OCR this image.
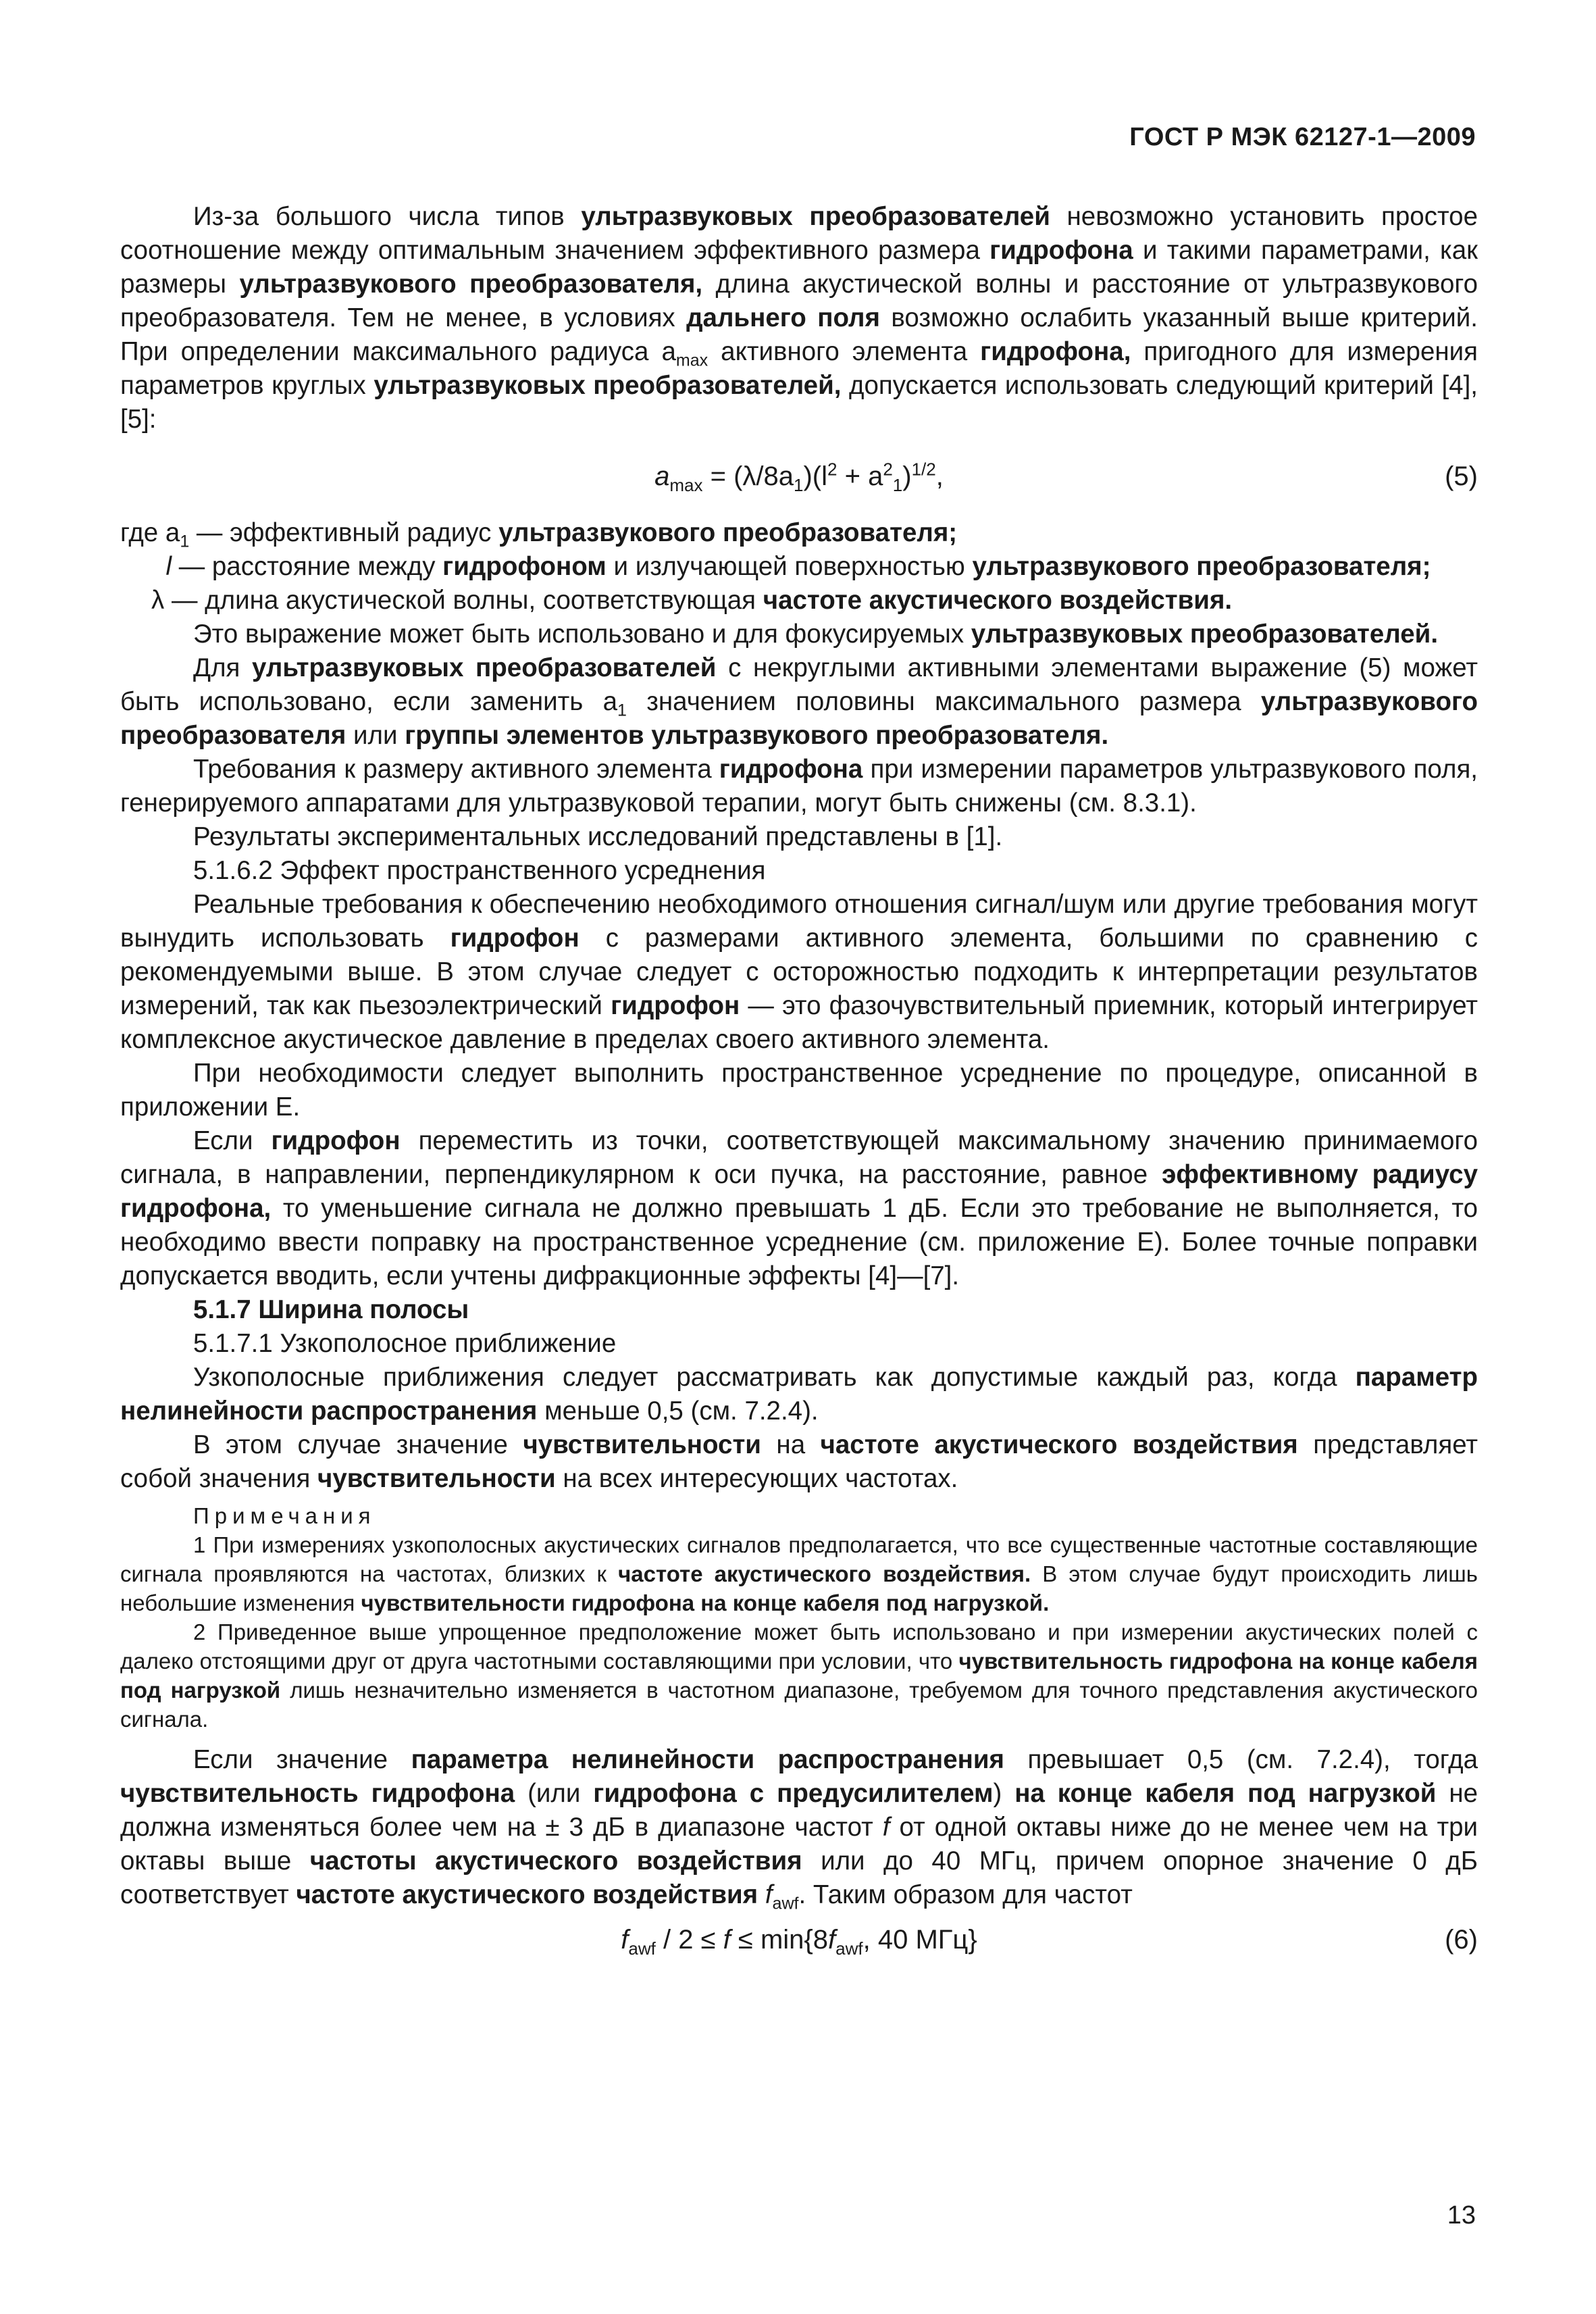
ГОСТ Р МЭК 62127-1—2009

Из-за большого числа типов ультразвуковых преобразователей невозможно установить простое соотношение между оптимальным значением эффективного размера гидрофона и такими параметрами, как размеры ультразвукового преобразователя, длина акустической волны и расстояние от ультразвукового преобразователя. Тем не менее, в условиях дальнего поля возможно ослабить указанный выше критерий. При определении максимального радиуса $a_{max}$ активного элемента гидрофона, пригодного для измерения параметров круглых ультразвуковых преобразователей, допускается использовать следующий критерий [4], [5]:

$a_{max} = (\lambda/8a_1)(l^2 + a^2_1)^{1/2}$,	(5)

где $a_1$ — эффективный радиус ультразвукового преобразователя;

l — расстояние между гидрофоном и излучающей поверхностью ультразвукового преобразователя;

λ — длина акустической волны, соответствующая частоте акустического воздействия.

Это выражение может быть использовано и для фокусируемых ультразвуковых преобразователей.

Для ультразвуковых преобразователей с некруглыми активными элементами выражение (5) может быть использовано, если заменить $a_1$ значением половины максимального размера ультразвукового преобразователя или группы элементов ультразвукового преобразователя.

Требования к размеру активного элемента гидрофона при измерении параметров ультразвукового поля, генерируемого аппаратами для ультразвуковой терапии, могут быть снижены (см. 8.3.1).

Результаты экспериментальных исследований представлены в [1].

5.1.6.2 Эффект пространственного усреднения

Реальные требования к обеспечению необходимого отношения сигнал/шум или другие требования могут вынудить использовать гидрофон с размерами активного элемента, большими по сравнению с рекомендуемыми выше. В этом случае следует с осторожностью подходить к интерпретации результатов измерений, так как пьезоэлектрический гидрофон — это фазочувствительный приемник, который интегрирует комплексное акустическое давление в пределах своего активного элемента.

При необходимости следует выполнить пространственное усреднение по процедуре, описанной в приложении Е.

Если гидрофон переместить из точки, соответствующей максимальному значению принимаемого сигнала, в направлении, перпендикулярном к оси пучка, на расстояние, равное эффективному радиусу гидрофона, то уменьшение сигнала не должно превышать 1 дБ. Если это требование не выполняется, то необходимо ввести поправку на пространственное усреднение (см. приложение Е). Более точные поправки допускается вводить, если учтены дифракционные эффекты [4]—[7].

5.1.7 Ширина полосы

5.1.7.1 Узкополосное приближение

Узкополосные приближения следует рассматривать как допустимые каждый раз, когда параметр нелинейности распространения меньше 0,5 (см. 7.2.4).

В этом случае значение чувствительности на частоте акустического воздействия представляет собой значения чувствительности на всех интересующих частотах.

Примечания

1 При измерениях узкополосных акустических сигналов предполагается, что все существенные частотные составляющие сигнала проявляются на частотах, близких к частоте акустического воздействия. В этом случае будут происходить лишь небольшие изменения чувствительности гидрофона на конце кабеля под нагрузкой.

2 Приведенное выше упрощенное предположение может быть использовано и при измерении акустических полей с далеко отстоящими друг от друга частотными составляющими при условии, что чувствительность гидрофона на конце кабеля под нагрузкой лишь незначительно изменяется в частотном диапазоне, требуемом для точного представления акустического сигнала.

Если значение параметра нелинейности распространения превышает 0,5 (см. 7.2.4), тогда чувствительность гидрофона (или гидрофона с предусилителем) на конце кабеля под нагрузкой не должна изменяться более чем на ± 3 дБ в диапазоне частот f от одной октавы ниже до не менее чем на три октавы выше частоты акустического воздействия или до 40 МГц, причем опорное значение 0 дБ соответствует частоте акустического воздействия $f_{awf}$. Таким образом для частот

$f_{awf} / 2 \le f \le \min\{8f_{awf}$, 40 МГц}	(6)
13
